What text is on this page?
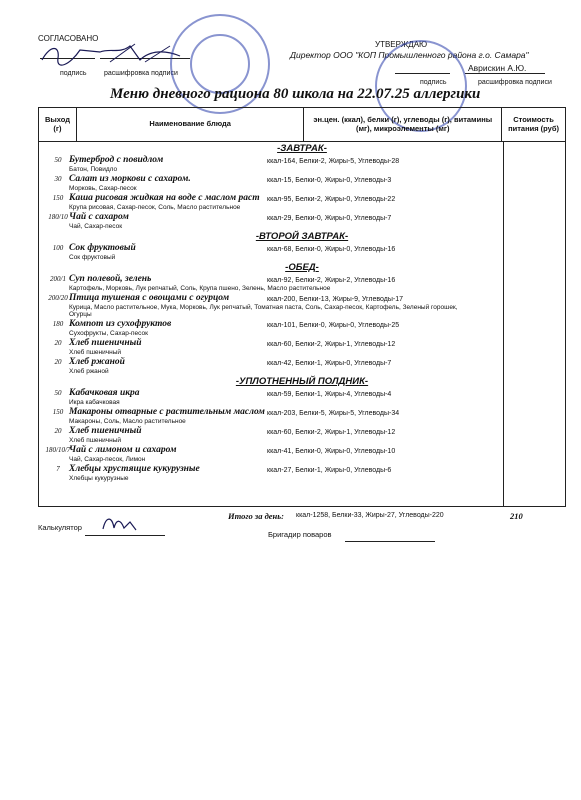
СОГЛАСОВАНО
подпись	расшифровка подписи
УТВЕРЖДАЮ
Директор ООО "КОП Промышленного района г.о. Самара"
Аврискин А.Ю.
подпись	расшифровка подписи
Меню дневного рациона 80 школа на 22.07.25 аллергики
Выход (г)	Наименование блюда	эн.цен. (ккал), белки (г), углеводы (г), витамины (мг), микроэлементы (мг)	Стоимость питания (руб)
-ЗАВТРАК-
50 Бутерброд с повидлом
Батон, Повидло
ккал-164, Белки-2, Жиры-5, Углеводы-28
30 Салат из моркови с сахаром.
Морковь, Сахар-песок
ккал-15, Белки-0, Жиры-0, Углеводы-3
150 Каша рисовая жидкая на воде с маслом раст
Крупа рисовая, Сахар-песок, Соль, Масло растительное
ккал-95, Белки-2, Жиры-0, Углеводы-22
180/10 Чай с сахаром
Чай, Сахар-песок
ккал-29, Белки-0, Жиры-0, Углеводы-7
-ВТОРОЙ ЗАВТРАК-
100 Сок фруктовый
Сок фруктовый
ккал-68, Белки-0, Жиры-0, Углеводы-16
-ОБЕД-
200/1 Суп полевой, зелень
Картофель, Морковь, Лук репчатый, Соль, Крупа пшено, Зелень, Масло растительное
ккал-92, Белки-2, Жиры-2, Углеводы-16
200/20 Птица тушеная с овощами с огурцом
Курица, Масло растительное, Мука, Морковь, Лук репчатый, Томатная паста, Соль, Сахар-песок, Картофель, Зеленый горошек, Огурцы
ккал-200, Белки-13, Жиры-9, Углеводы-17
180 Компот из сухофруктов
Сухофрукты, Сахар-песок
ккал-101, Белки-0, Жиры-0, Углеводы-25
20 Хлеб пшеничный
Хлеб пшеничный
ккал-60, Белки-2, Жиры-1, Углеводы-12
20 Хлеб ржаной
Хлеб ржаной
ккал-42, Белки-1, Жиры-0, Углеводы-7
-УПЛОТНЕННЫЙ ПОЛДНИК-
50 Кабачковая икра
Икра кабачковая
ккал-59, Белки-1, Жиры-4, Углеводы-4
150 Макароны отварные с растительным маслом
Макароны, Соль, Масло растительное
ккал-203, Белки-5, Жиры-5, Углеводы-34
20 Хлеб пшеничный
Хлеб пшеничный
ккал-60, Белки-2, Жиры-1, Углеводы-12
180/10/7
Чай с лимоном и сахаром
Чай, Сахар-песок, Лимон
ккал-41, Белки-0, Жиры-0, Углеводы-10
7 Хлебцы хрустящие кукурузные
Хлебцы кукурузные
ккал-27, Белки-1, Жиры-0, Углеводы-6
Итого за день: ккал-1258, Белки-33, Жиры-27, Углеводы-220	210
Калькулятор
Бригадир поваров
